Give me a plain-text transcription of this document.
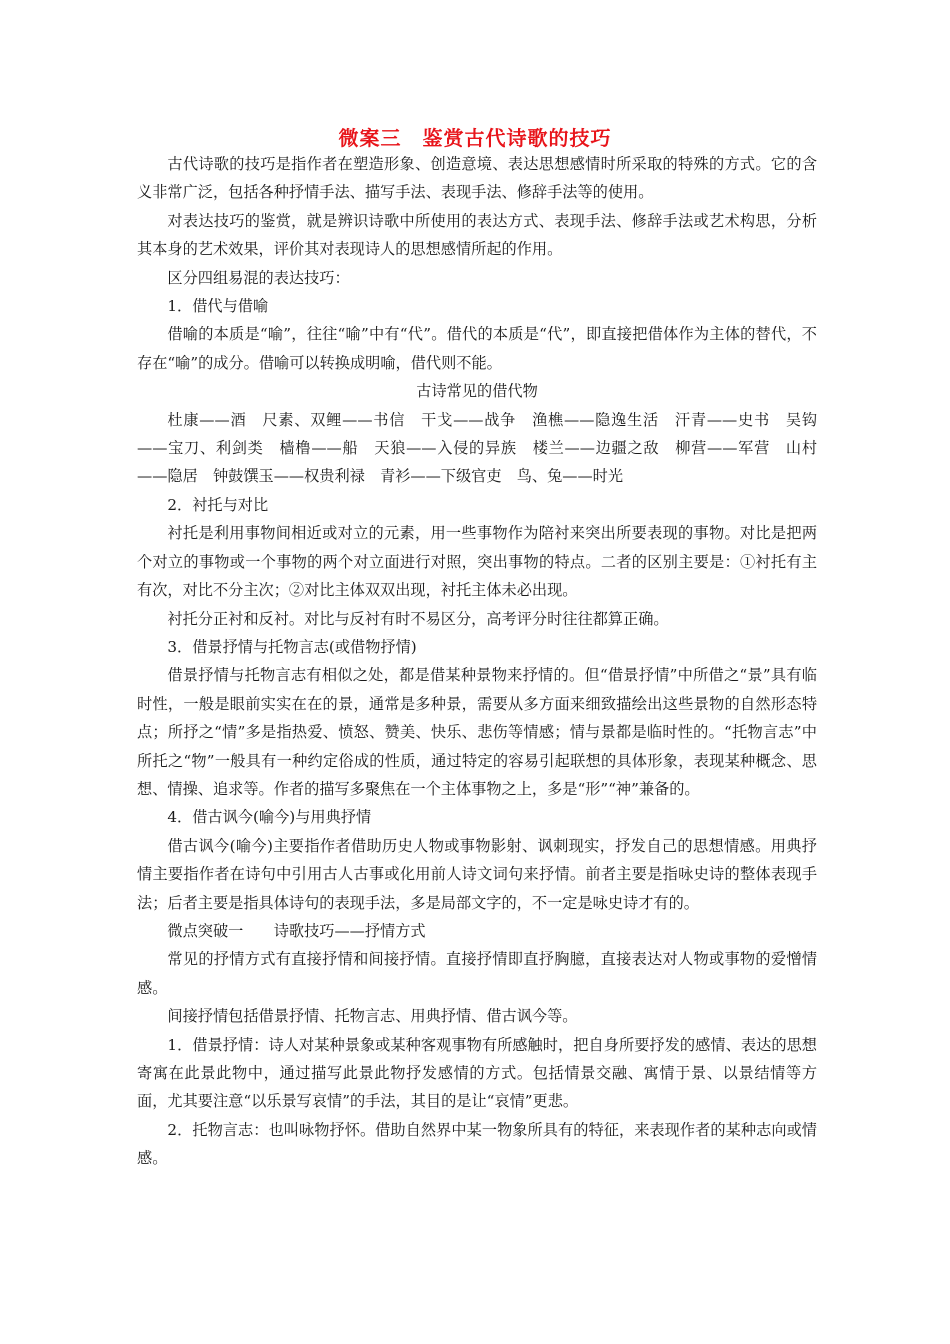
微案三　鉴赏古代诗歌的技巧

古代诗歌的技巧是指作者在塑造形象、创造意境、表达思想感情时所采取的特殊的方式。它的含义非常广泛，包括各种抒情手法、描写手法、表现手法、修辞手法等的使用。

对表达技巧的鉴赏，就是辨识诗歌中所使用的表达方式、表现手法、修辞手法或艺术构思，分析其本身的艺术效果，评价其对表现诗人的思想感情所起的作用。

区分四组易混的表达技巧：

1．借代与借喻

借喻的本质是“喻”，往往“喻”中有“代”。借代的本质是“代”，即直接把借体作为主体的替代，不存在“喻”的成分。借喻可以转换成明喻，借代则不能。

古诗常见的借代物

杜康——酒　尺素、双鲤——书信　干戈——战争　渔樵——隐逸生活　汗青——史书　吴钩——宝刀、利剑类　樯橹——船　天狼——入侵的异族　楼兰——边疆之敌　柳营——军营　山村——隐居　钟鼓馔玉——权贵利禄　青衫——下级官吏　鸟、兔——时光

2．衬托与对比

衬托是利用事物间相近或对立的元素，用一些事物作为陪衬来突出所要表现的事物。对比是把两个对立的事物或一个事物的两个对立面进行对照，突出事物的特点。二者的区别主要是：①衬托有主有次，对比不分主次；②对比主体双双出现，衬托主体未必出现。

衬托分正衬和反衬。对比与反衬有时不易区分，高考评分时往往都算正确。

3．借景抒情与托物言志(或借物抒情)

借景抒情与托物言志有相似之处，都是借某种景物来抒情的。但“借景抒情”中所借之“景”具有临时性，一般是眼前实实在在的景，通常是多种景，需要从多方面来细致描绘出这些景物的自然形态特点；所抒之“情”多是指热爱、愤怒、赞美、快乐、悲伤等情感；情与景都是临时性的。“托物言志”中所托之“物”一般具有一种约定俗成的性质，通过特定的容易引起联想的具体形象，表现某种概念、思想、情操、追求等。作者的描写多聚焦在一个主体事物之上，多是“形”“神”兼备的。

4．借古讽今(喻今)与用典抒情

借古讽今(喻今)主要指作者借助历史人物或事物影射、讽刺现实，抒发自己的思想情感。用典抒情主要指作者在诗句中引用古人古事或化用前人诗文词句来抒情。前者主要是指咏史诗的整体表现手法；后者主要是指具体诗句的表现手法，多是局部文字的，不一定是咏史诗才有的。

微点突破一　　诗歌技巧——抒情方式

常见的抒情方式有直接抒情和间接抒情。直接抒情即直抒胸臆，直接表达对人物或事物的爱憎情感。

间接抒情包括借景抒情、托物言志、用典抒情、借古讽今等。

1．借景抒情：诗人对某种景象或某种客观事物有所感触时，把自身所要抒发的感情、表达的思想寄寓在此景此物中，通过描写此景此物抒发感情的方式。包括情景交融、寓情于景、以景结情等方面，尤其要注意“以乐景写哀情”的手法，其目的是让“哀情”更悲。

2．托物言志：也叫咏物抒怀。借助自然界中某一物象所具有的特征，来表现作者的某种志向或情感。
